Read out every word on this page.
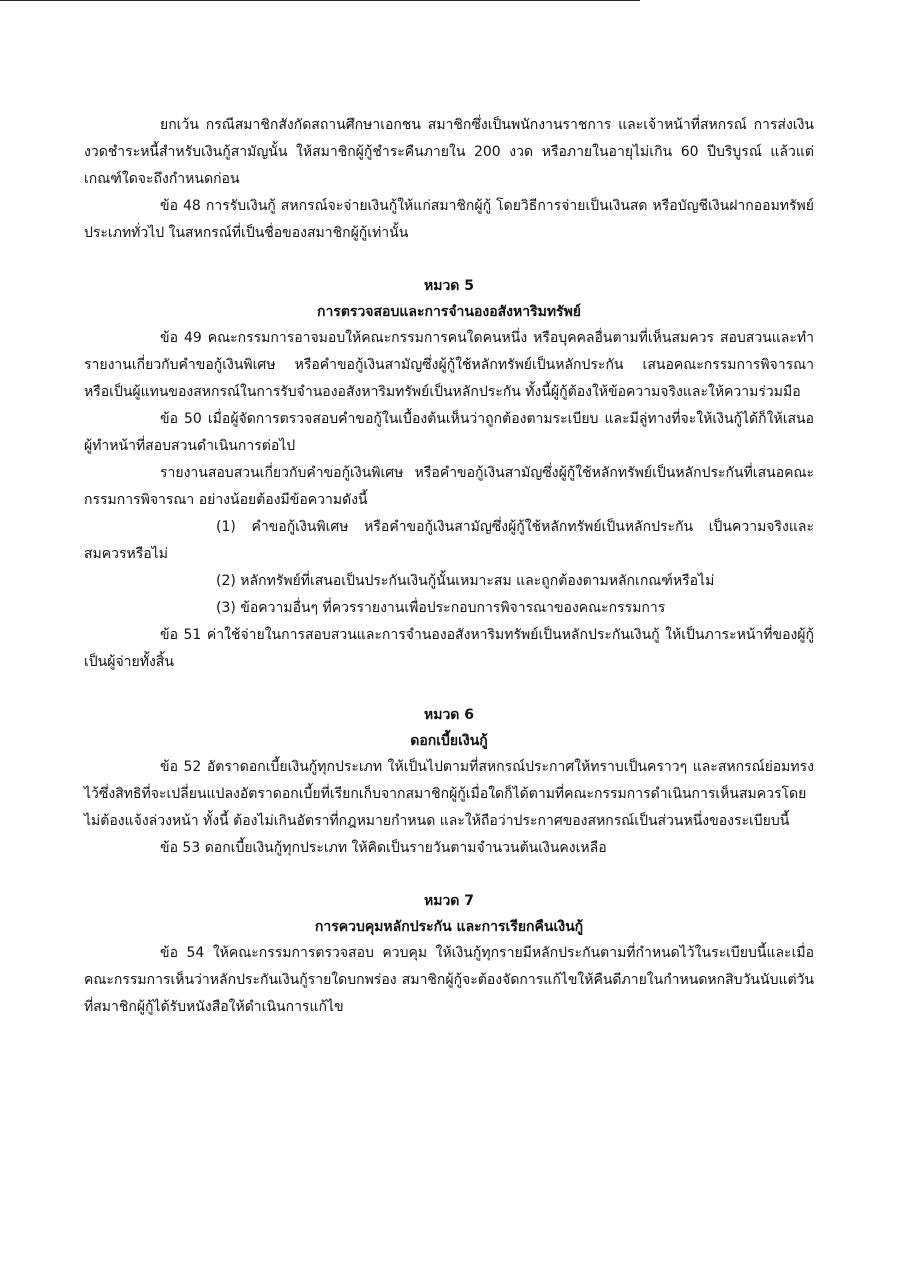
ยกเว้น กรณีสมาชิกสังกัดสถานศึกษาเอกชน สมาชิกซึ่งเป็นพนักงานราชการ และเจ้าหน้าที่สหกรณ์ การส่งเงินงวดชำระหนี้สำหรับเงินกู้สามัญนั้น ให้สมาชิกผู้กู้ชำระคืนภายใน 200 งวด หรือภายในอายุไม่เกิน 60 ปีบริบูรณ์ แล้วแต่เกณฑ์ใดจะถึงกำหนดก่อน

ข้อ 48 การรับเงินกู้ สหกรณ์จะจ่ายเงินกู้ให้แก่สมาชิกผู้กู้ โดยวิธีการจ่ายเป็นเงินสด หรือบัญชีเงินฝากออมทรัพย์ประเภททั่วไป ในสหกรณ์ที่เป็นชื่อของสมาชิกผู้กู้เท่านั้น

หมวด 5

การตรวจสอบและการจำนองอสังหาริมทรัพย์

ข้อ 49 คณะกรรมการอาจมอบให้คณะกรรมการคนใดคนหนึ่ง หรือบุคคลอื่นตามที่เห็นสมควร สอบสวนและทำรายงานเกี่ยวกับคำขอกู้เงินพิเศษ หรือคำขอกู้เงินสามัญซึ่งผู้กู้ใช้หลักทรัพย์เป็นหลักประกัน เสนอคณะกรรมการพิจารณา หรือเป็นผู้แทนของสหกรณ์ในการรับจำนองอสังหาริมทรัพย์เป็นหลักประกัน ทั้งนี้ผู้กู้ต้องให้ข้อความจริงและให้ความร่วมมือ

ข้อ 50 เมื่อผู้จัดการตรวจสอบคำขอกู้ในเบื้องต้นเห็นว่าถูกต้องตามระเบียบ และมีลู่ทางที่จะให้เงินกู้ได้ก็ให้เสนอผู้ทำหน้าที่สอบสวนดำเนินการต่อไป

รายงานสอบสวนเกี่ยวกับคำขอกู้เงินพิเศษ หรือคำขอกู้เงินสามัญซึ่งผู้กู้ใช้หลักทรัพย์เป็นหลักประกันที่เสนอคณะกรรมการพิจารณา อย่างน้อยต้องมีข้อความดังนี้

(1) คำขอกู้เงินพิเศษ หรือคำขอกู้เงินสามัญซึ่งผู้กู้ใช้หลักทรัพย์เป็นหลักประกัน เป็นความจริงและสมควรหรือไม่

(2) หลักทรัพย์ที่เสนอเป็นประกันเงินกู้นั้นเหมาะสม และถูกต้องตามหลักเกณฑ์หรือไม่

(3) ข้อความอื่นๆ ที่ควรรายงานเพื่อประกอบการพิจารณาของคณะกรรมการ

ข้อ 51 ค่าใช้จ่ายในการสอบสวนและการจำนองอสังหาริมทรัพย์เป็นหลักประกันเงินกู้ ให้เป็นภาระหน้าที่ของผู้กู้เป็นผู้จ่ายทั้งสิ้น

หมวด 6

ดอกเบี้ยเงินกู้

ข้อ 52 อัตราดอกเบี้ยเงินกู้ทุกประเภท ให้เป็นไปตามที่สหกรณ์ประกาศให้ทราบเป็นคราวๆ และสหกรณ์ย่อมทรงไว้ซึ่งสิทธิที่จะเปลี่ยนแปลงอัตราดอกเบี้ยที่เรียกเก็บจากสมาชิกผู้กู้เมื่อใดก็ได้ตามที่คณะกรรมการดำเนินการเห็นสมควรโดยไม่ต้องแจ้งล่วงหน้า ทั้งนี้ ต้องไม่เกินอัตราที่กฎหมายกำหนด และให้ถือว่าประกาศของสหกรณ์เป็นส่วนหนึ่งของระเบียบนี้

ข้อ 53 ดอกเบี้ยเงินกู้ทุกประเภท ให้คิดเป็นรายวันตามจำนวนต้นเงินคงเหลือ

หมวด 7

การควบคุมหลักประกัน และการเรียกคืนเงินกู้

ข้อ 54 ให้คณะกรรมการตรวจสอบ ควบคุม ให้เงินกู้ทุกรายมีหลักประกันตามที่กำหนดไว้ในระเบียบนี้และเมื่อคณะกรรมการเห็นว่าหลักประกันเงินกู้รายใดบกพร่อง สมาชิกผู้กู้จะต้องจัดการแก้ไขให้คืนดีภายในกำหนดหกสิบวันนับแต่วันที่สมาชิกผู้กู้ได้รับหนังสือให้ดำเนินการแก้ไข
